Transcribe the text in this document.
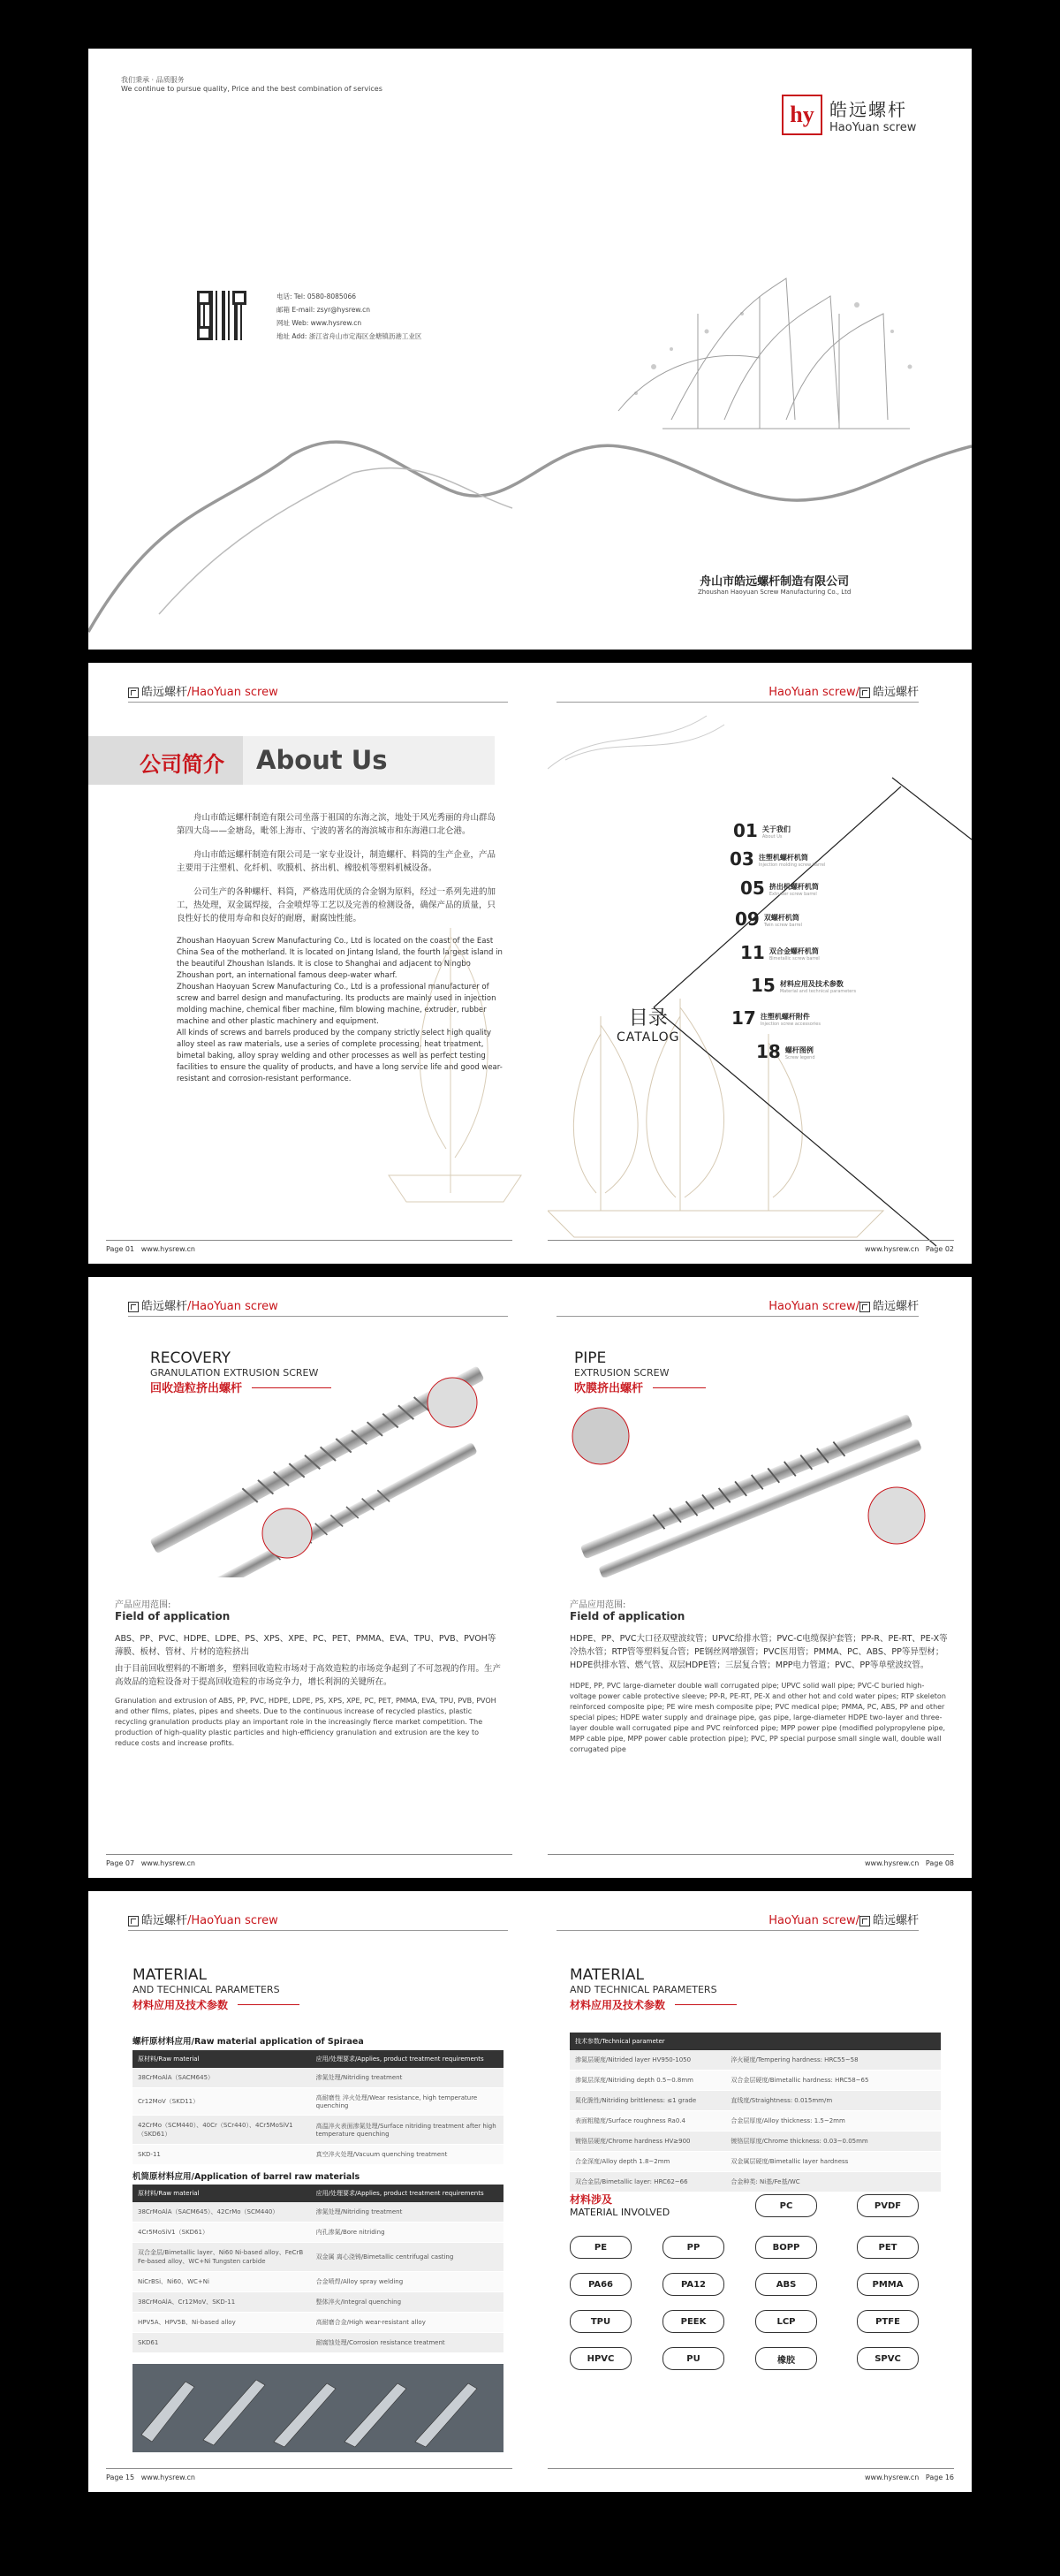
我们秉承 · 品质服务
We continue to pursue quality, Price and the best combination of services
hy 皓远螺杆
HaoYuan screw
电话: Tel: 0580-8085066
邮箱 E-mail: zsyr@hysrew.cn
网址 Web: www.hysrew.cn
地址 Add: 浙江省舟山市定海区金塘镇沥港工业区
舟山市皓远螺杆制造有限公司
Zhoushan Haoyuan Screw Manufacturing Co., Ltd
皓远螺杆/HaoYuan screw	HaoYuan screw/ 皓远螺杆
公司简介 About Us

舟山市皓远螺杆制造有限公司坐落于祖国的东海之滨，地处于风光秀丽的舟山群岛第四大岛——金塘岛，毗邻上海市、宁波的著名的海滨城市和东海港口北仑港。

舟山市皓远螺杆制造有限公司是一家专业设计，制造螺杆、料筒的生产企业，产品主要用于注塑机、化纤机、吹膜机、挤出机、橡胶机等塑料机械设备。

公司生产的各种螺杆、料筒，严格选用优质的合金钢为原料，经过一系列先进的加工，热处理，双金属焊接，合金喷焊等工艺以及完善的检测设备，确保产品的质量，只良性好长的使用寿命和良好的耐磨，耐腐蚀性能。

Zhoushan Haoyuan Screw Manufacturing Co., Ltd is located on the coast of the East China Sea of the motherland. It is located on Jintang Island, the fourth largest island in the beautiful Zhoushan Islands. It is close to Shanghai and adjacent to Ningbo Zhoushan port, an international famous deep-water wharf.

Zhoushan Haoyuan Screw Manufacturing Co., Ltd is a professional manufacturer of screw and barrel design and manufacturing. Its products are mainly used in injection molding machine, chemical fiber machine, film blowing machine, extruder, rubber machine and other plastic machinery and equipment.

All kinds of screws and barrels produced by the company strictly select high quality alloy steel as raw materials, use a series of complete processing, heat treatment, bimetal baking, alloy spray welding and other processes as well as perfect testing facilities to ensure the quality of products, and have a long service life and good wear-resistant and corrosion-resistant performance.

目录
CATALOG
01 关于我们
About Us
03 注塑机螺杆机筒
Injection molding screw barrel
05 挤出机螺杆机筒
Extruder screw barrel
09 双螺杆机筒
Twin screw barrel
11 双合金螺杆机筒
Bimetallic screw barrel
15 材料应用及技术参数
Material and technical parameters
17 注塑机螺杆附件
Injection screw accessories
18 螺杆图例
Screw legend
Page 01 www.hysrew.cn	www.hysrew.cn Page 02
皓远螺杆/HaoYuan screw	HaoYuan screw/ 皓远螺杆
RECOVERY
GRANULATION EXTRUSION SCREW
回收造粒挤出螺杆
产品应用范围:
Field of application

ABS、PP、PVC、HDPE、LDPE、PS、XPS、XPE、PC、PET、PMMA、EVA、TPU、PVB、PVOH等薄膜、板材、管材、片材的造粒挤出

由于目前回收塑料的不断增多，塑料回收造粒市场对于高效造粒的市场竞争起到了不可忽视的作用。生产高效品的造粒设备对于提高回收造粒的市场竞争力，增长利润的关键所在。

Granulation and extrusion of ABS, PP, PVC, HDPE, LDPE, PS, XPS, XPE, PC, PET, PMMA, EVA, TPU, PVB, PVOH and other films, plates, pipes and sheets. Due to the continuous increase of recycled plastics, plastic recycling granulation products play an important role in the increasingly fierce market competition. The production of high-quality plastic particles and high-efficiency granulation and extrusion are the key to reduce costs and increase profits.

PIPE
EXTRUSION SCREW
吹膜挤出螺杆
产品应用范围:
Field of application

HDPE、PP、PVC大口径双壁波纹管；UPVC给排水管；PVC-C电缆保护套管；PP-R、PE-RT、PE-X等冷热水管；RTP管等塑料复合管；PE钢丝网增强管；PVC医用管；PMMA、PC、ABS、PP等异型材；HDPE供排水管、燃气管、双层HDPE管；三层复合管；MPP电力管道；PVC、PP等单壁波纹管。

HDPE, PP, PVC large-diameter double wall corrugated pipe; UPVC solid wall pipe; PVC-C buried high-voltage power cable protective sleeve; PP-R, PE-RT, PE-X and other hot and cold water pipes; RTP skeleton reinforced composite pipe; PE wire mesh composite pipe; PVC medical pipe; PMMA, PC, ABS, PP and other special pipes; HDPE water supply and drainage pipe, gas pipe, large-diameter HDPE two-layer and three-layer double wall corrugated pipe and PVC reinforced pipe; MPP power pipe (modified polypropylene pipe, MPP cable pipe, MPP power cable protection pipe); PVC, PP special purpose small single wall, double wall corrugated pipe

Page 07 www.hysrew.cn	www.hysrew.cn Page 08
皓远螺杆/HaoYuan screw	HaoYuan screw/ 皓远螺杆
MATERIAL
AND TECHNICAL PARAMETERS
材料应用及技术参数
螺杆原材料应用/Raw material application of Spiraea
原材料/Raw material	应用/处理要求/Applies, product treatment requirements
38CrMoAlA（SACM645）	渗氮处理/Nitriding treatment
Cr12MoV（SKD11）	高耐磨性 淬火处理/Wear resistance, high temperature quenching
42CrMo（SCM440）、40Cr（SCr440）、4Cr5MoSiV1（SKD61）	高温淬火表面渗氮处理/Surface nitriding treatment after high temperature quenching
SKD-11	真空淬火处理/Vacuum quenching treatment
机筒原材料应用/Application of barrel raw materials
原材料/Raw material	应用/处理要求/Applies, product treatment requirements
38CrMoAlA（SACM645）、42CrMo（SCM440）	渗氮处理/Nitriding treatment
4Cr5MoSiV1（SKD61）	内孔渗氮/Bore nitriding
双合金层/Bimetallic layer、Ni60 Ni-based alloy、FeCrB Fe-based alloy、WC+Ni Tungsten carbide	双金属 离心浇铸/Bimetallic centrifugal casting
NiCrBSi、Ni60、WC+Ni	合金喷焊/Alloy spray welding
38CrMoAlA、Cr12MoV、SKD-11	整体淬火/Integral quenching
HPV5A、HPV5B、Ni-based alloy	高耐磨合金/High wear-resistant alloy
SKD61	耐腐蚀处理/Corrosion resistance treatment
MATERIAL
AND TECHNICAL PARAMETERS
材料应用及技术参数
技术参数/Technical parameter	
渗氮层硬度/Nitrided layer HV950-1050	淬火硬度/Tempering hardness: HRC55~58
渗氮层深度/Nitriding depth 0.5~0.8mm	双合金层硬度/Bimetallic hardness: HRC58~65
氮化脆性/Nitriding brittleness: ≤1 grade	直线度/Straightness: 0.015mm/m
表面粗糙度/Surface roughness Ra0.4	合金层厚度/Alloy thickness: 1.5~2mm
镀铬层硬度/Chrome hardness HV≥900	镀铬层厚度/Chrome thickness: 0.03~0.05mm
合金深度/Alloy depth 1.8~2mm	双金属层硬度/Bimetallic layer hardness
双合金层/Bimetallic layer: HRC62~66	合金种类: Ni基/Fe基/WC
材料涉及
MATERIAL INVOLVED
PC	PVDF
PE	PP	BOPP	PET
PA66	PA12	ABS	PMMA
TPU	PEEK	LCP	PTFE
HPVC	PU	橡胶	SPVC
Page 15 www.hysrew.cn	www.hysrew.cn Page 16
